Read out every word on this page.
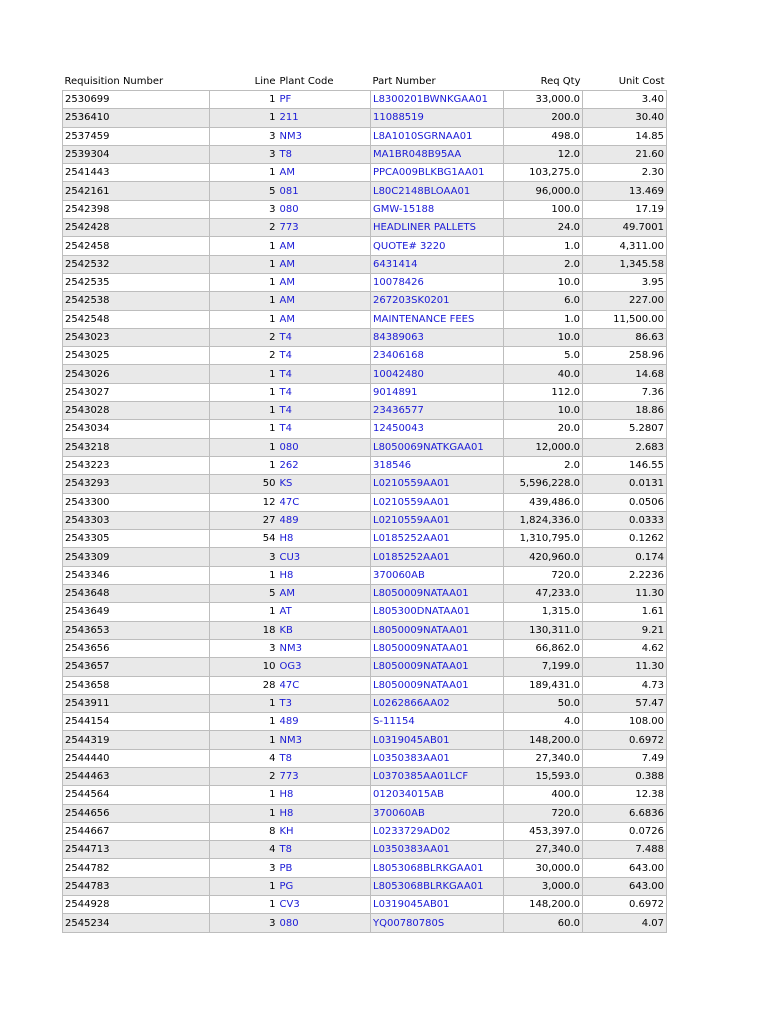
Requisition Number	Line	Plant Code	Part Number	Req Qty	Unit Cost
2530699	1	PF	L8300201BWNKGAA01	33,000.0	3.40
2536410	1	211	11088519	200.0	30.40
2537459	3	NM3	L8A1010SGRNAA01	498.0	14.85
2539304	3	T8	MA1BR048B95AA	12.0	21.60
2541443	1	AM	PPCA009BLKBG1AA01	103,275.0	2.30
2542161	5	081	L80C2148BLOAA01	96,000.0	13.469
2542398	3	080	GMW-15188	100.0	17.19
2542428	2	773	HEADLINER PALLETS	24.0	49.7001
2542458	1	AM	QUOTE# 3220	1.0	4,311.00
2542532	1	AM	6431414	2.0	1,345.58
2542535	1	AM	10078426	10.0	3.95
2542538	1	AM	267203SK0201	6.0	227.00
2542548	1	AM	MAINTENANCE FEES	1.0	11,500.00
2543023	2	T4	84389063	10.0	86.63
2543025	2	T4	23406168	5.0	258.96
2543026	1	T4	10042480	40.0	14.68
2543027	1	T4	9014891	112.0	7.36
2543028	1	T4	23436577	10.0	18.86
2543034	1	T4	12450043	20.0	5.2807
2543218	1	080	L8050069NATKGAA01	12,000.0	2.683
2543223	1	262	318546	2.0	146.55
2543293	50	KS	L0210559AA01	5,596,228.0	0.0131
2543300	12	47C	L0210559AA01	439,486.0	0.0506
2543303	27	489	L0210559AA01	1,824,336.0	0.0333
2543305	54	H8	L0185252AA01	1,310,795.0	0.1262
2543309	3	CU3	L0185252AA01	420,960.0	0.174
2543346	1	H8	370060AB	720.0	2.2236
2543648	5	AM	L8050009NATAA01	47,233.0	11.30
2543649	1	AT	L805300DNATAA01	1,315.0	1.61
2543653	18	KB	L8050009NATAA01	130,311.0	9.21
2543656	3	NM3	L8050009NATAA01	66,862.0	4.62
2543657	10	OG3	L8050009NATAA01	7,199.0	11.30
2543658	28	47C	L8050009NATAA01	189,431.0	4.73
2543911	1	T3	L0262866AA02	50.0	57.47
2544154	1	489	S-11154	4.0	108.00
2544319	1	NM3	L0319045AB01	148,200.0	0.6972
2544440	4	T8	L0350383AA01	27,340.0	7.49
2544463	2	773	L0370385AA01LCF	15,593.0	0.388
2544564	1	H8	012034015AB	400.0	12.38
2544656	1	H8	370060AB	720.0	6.6836
2544667	8	KH	L0233729AD02	453,397.0	0.0726
2544713	4	T8	L0350383AA01	27,340.0	7.488
2544782	3	PB	L8053068BLRKGAA01	30,000.0	643.00
2544783	1	PG	L8053068BLRKGAA01	3,000.0	643.00
2544928	1	CV3	L0319045AB01	148,200.0	0.6972
2545234	3	080	YQ00780780S	60.0	4.07
